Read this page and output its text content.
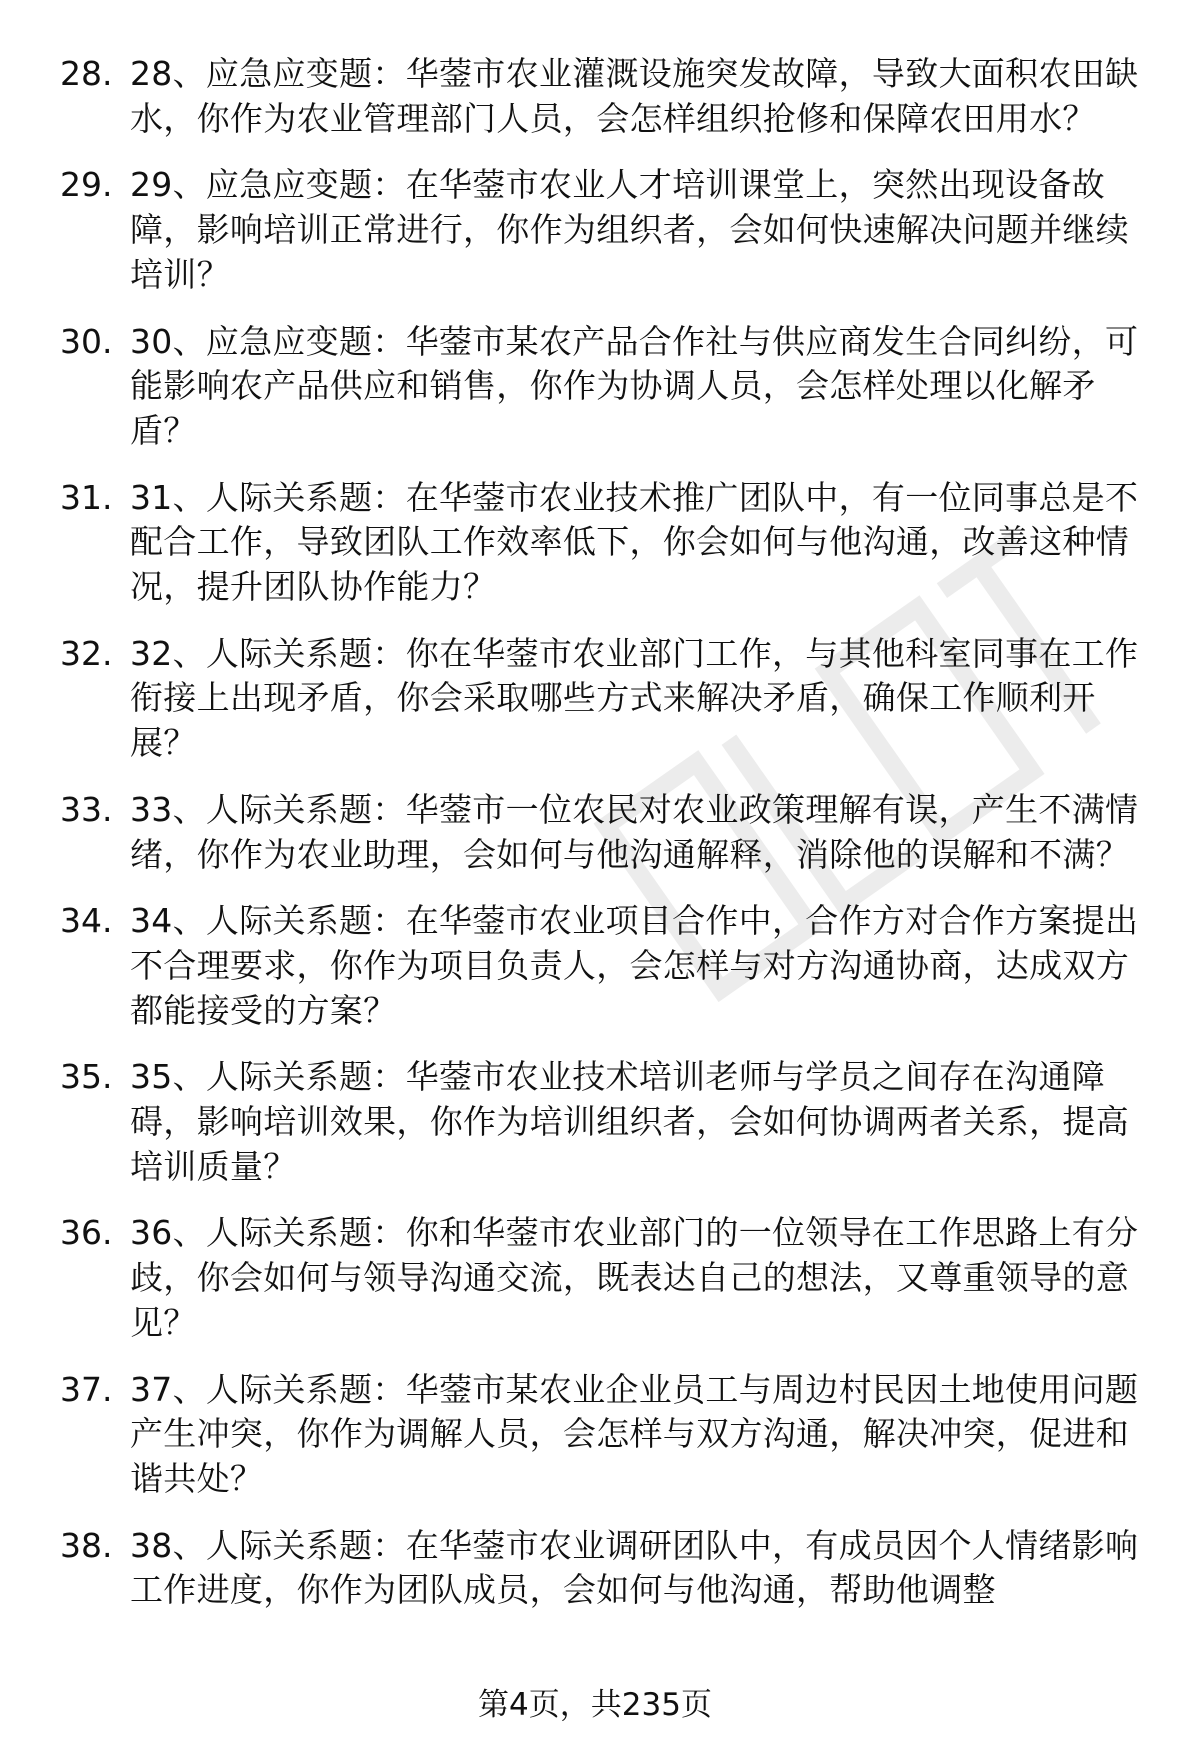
28. 28、应急应变题：华蓥市农业灌溉设施突发故障，导致大面积农田缺水，你作为农业管理部门人员，会怎样组织抢修和保障农田用水？
29. 29、应急应变题：在华蓥市农业人才培训课堂上，突然出现设备故障，影响培训正常进行，你作为组织者，会如何快速解决问题并继续培训？
30. 30、应急应变题：华蓥市某农产品合作社与供应商发生合同纠纷，可能影响农产品供应和销售，你作为协调人员，会怎样处理以化解矛盾？
31. 31、人际关系题：在华蓥市农业技术推广团队中，有一位同事总是不配合工作，导致团队工作效率低下，你会如何与他沟通，改善这种情况，提升团队协作能力？
32. 32、人际关系题：你在华蓥市农业部门工作，与其他科室同事在工作衔接上出现矛盾，你会采取哪些方式来解决矛盾，确保工作顺利开展？
33. 33、人际关系题：华蓥市一位农民对农业政策理解有误，产生不满情绪，你作为农业助理，会如何与他沟通解释，消除他的误解和不满？
34. 34、人际关系题：在华蓥市农业项目合作中，合作方对合作方案提出不合理要求，你作为项目负责人，会怎样与对方沟通协商，达成双方都能接受的方案？
35. 35、人际关系题：华蓥市农业技术培训老师与学员之间存在沟通障碍，影响培训效果，你作为培训组织者，会如何协调两者关系，提高培训质量？
36. 36、人际关系题：你和华蓥市农业部门的一位领导在工作思路上有分歧，你会如何与领导沟通交流，既表达自己的想法，又尊重领导的意见？
37. 37、人际关系题：华蓥市某农业企业员工与周边村民因土地使用问题产生冲突，你作为调解人员，会怎样与双方沟通，解决冲突，促进和谐共处？
38. 38、人际关系题：在华蓥市农业调研团队中，有成员因个人情绪影响工作进度，你作为团队成员，会如何与他沟通，帮助他调整
第4页，共235页
